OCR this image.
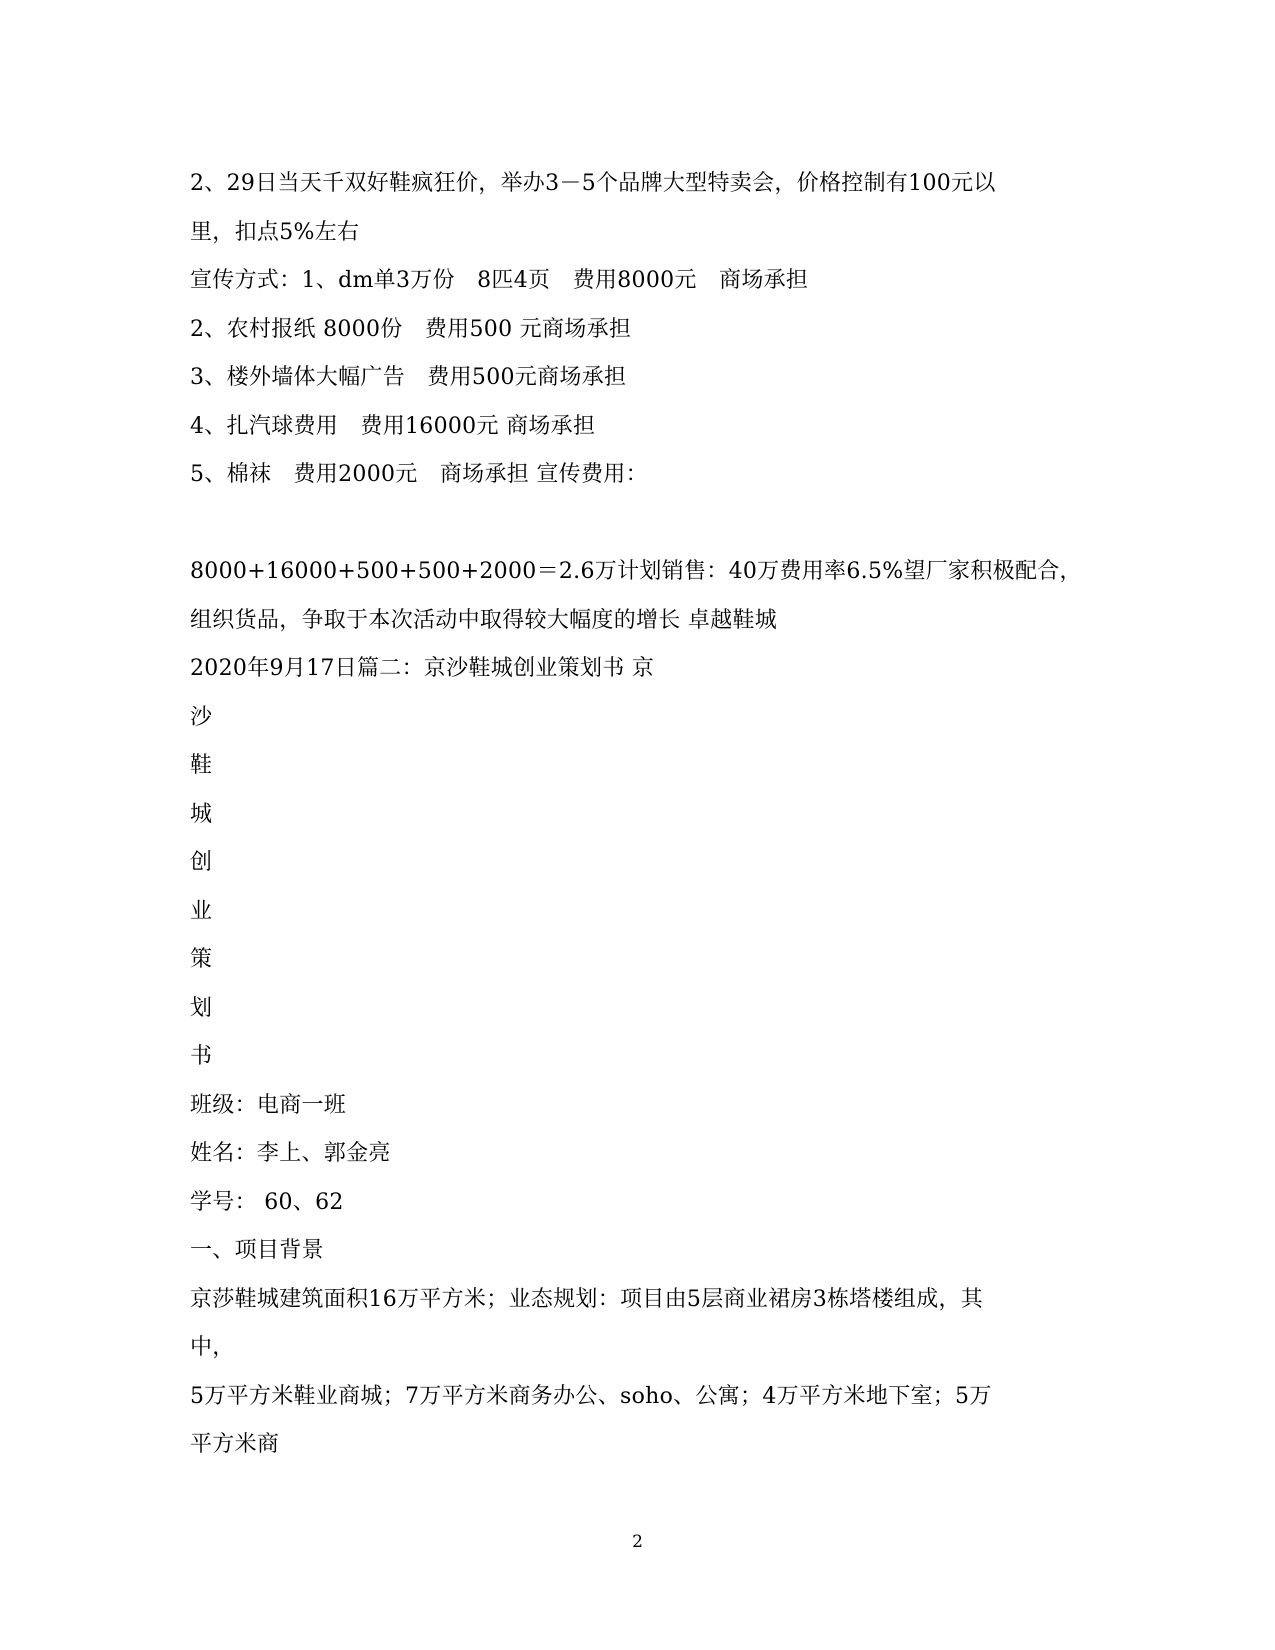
2、29日当天千双好鞋疯狂价，举办3－5个品牌大型特卖会，价格控制有100元以
里，扣点5%左右
宣传方式：1、dm单3万份　8匹4页　费用8000元　商场承担
2、农村报纸 8000份　费用500 元商场承担
3、楼外墙体大幅广告　费用500元商场承担
4、扎汽球费用　费用16000元 商场承担
5、棉袜　费用2000元　商场承担 宣传费用：
8000+16000+500+500+2000＝2.6万计划销售：40万费用率6.5%望厂家积极配合，
组织货品，争取于本次活动中取得较大幅度的增长 卓越鞋城
2020年9月17日篇二：京沙鞋城创业策划书 京
沙
鞋
城
创
业
策
划
书
班级：电商一班
姓名：李上、郭金亮
学号： 60、62
一、项目背景
京莎鞋城建筑面积16万平方米；业态规划：项目由5层商业裙房3栋塔楼组成，其
中，
5万平方米鞋业商城；7万平方米商务办公、soho、公寓；4万平方米地下室；5万
平方米商
2
